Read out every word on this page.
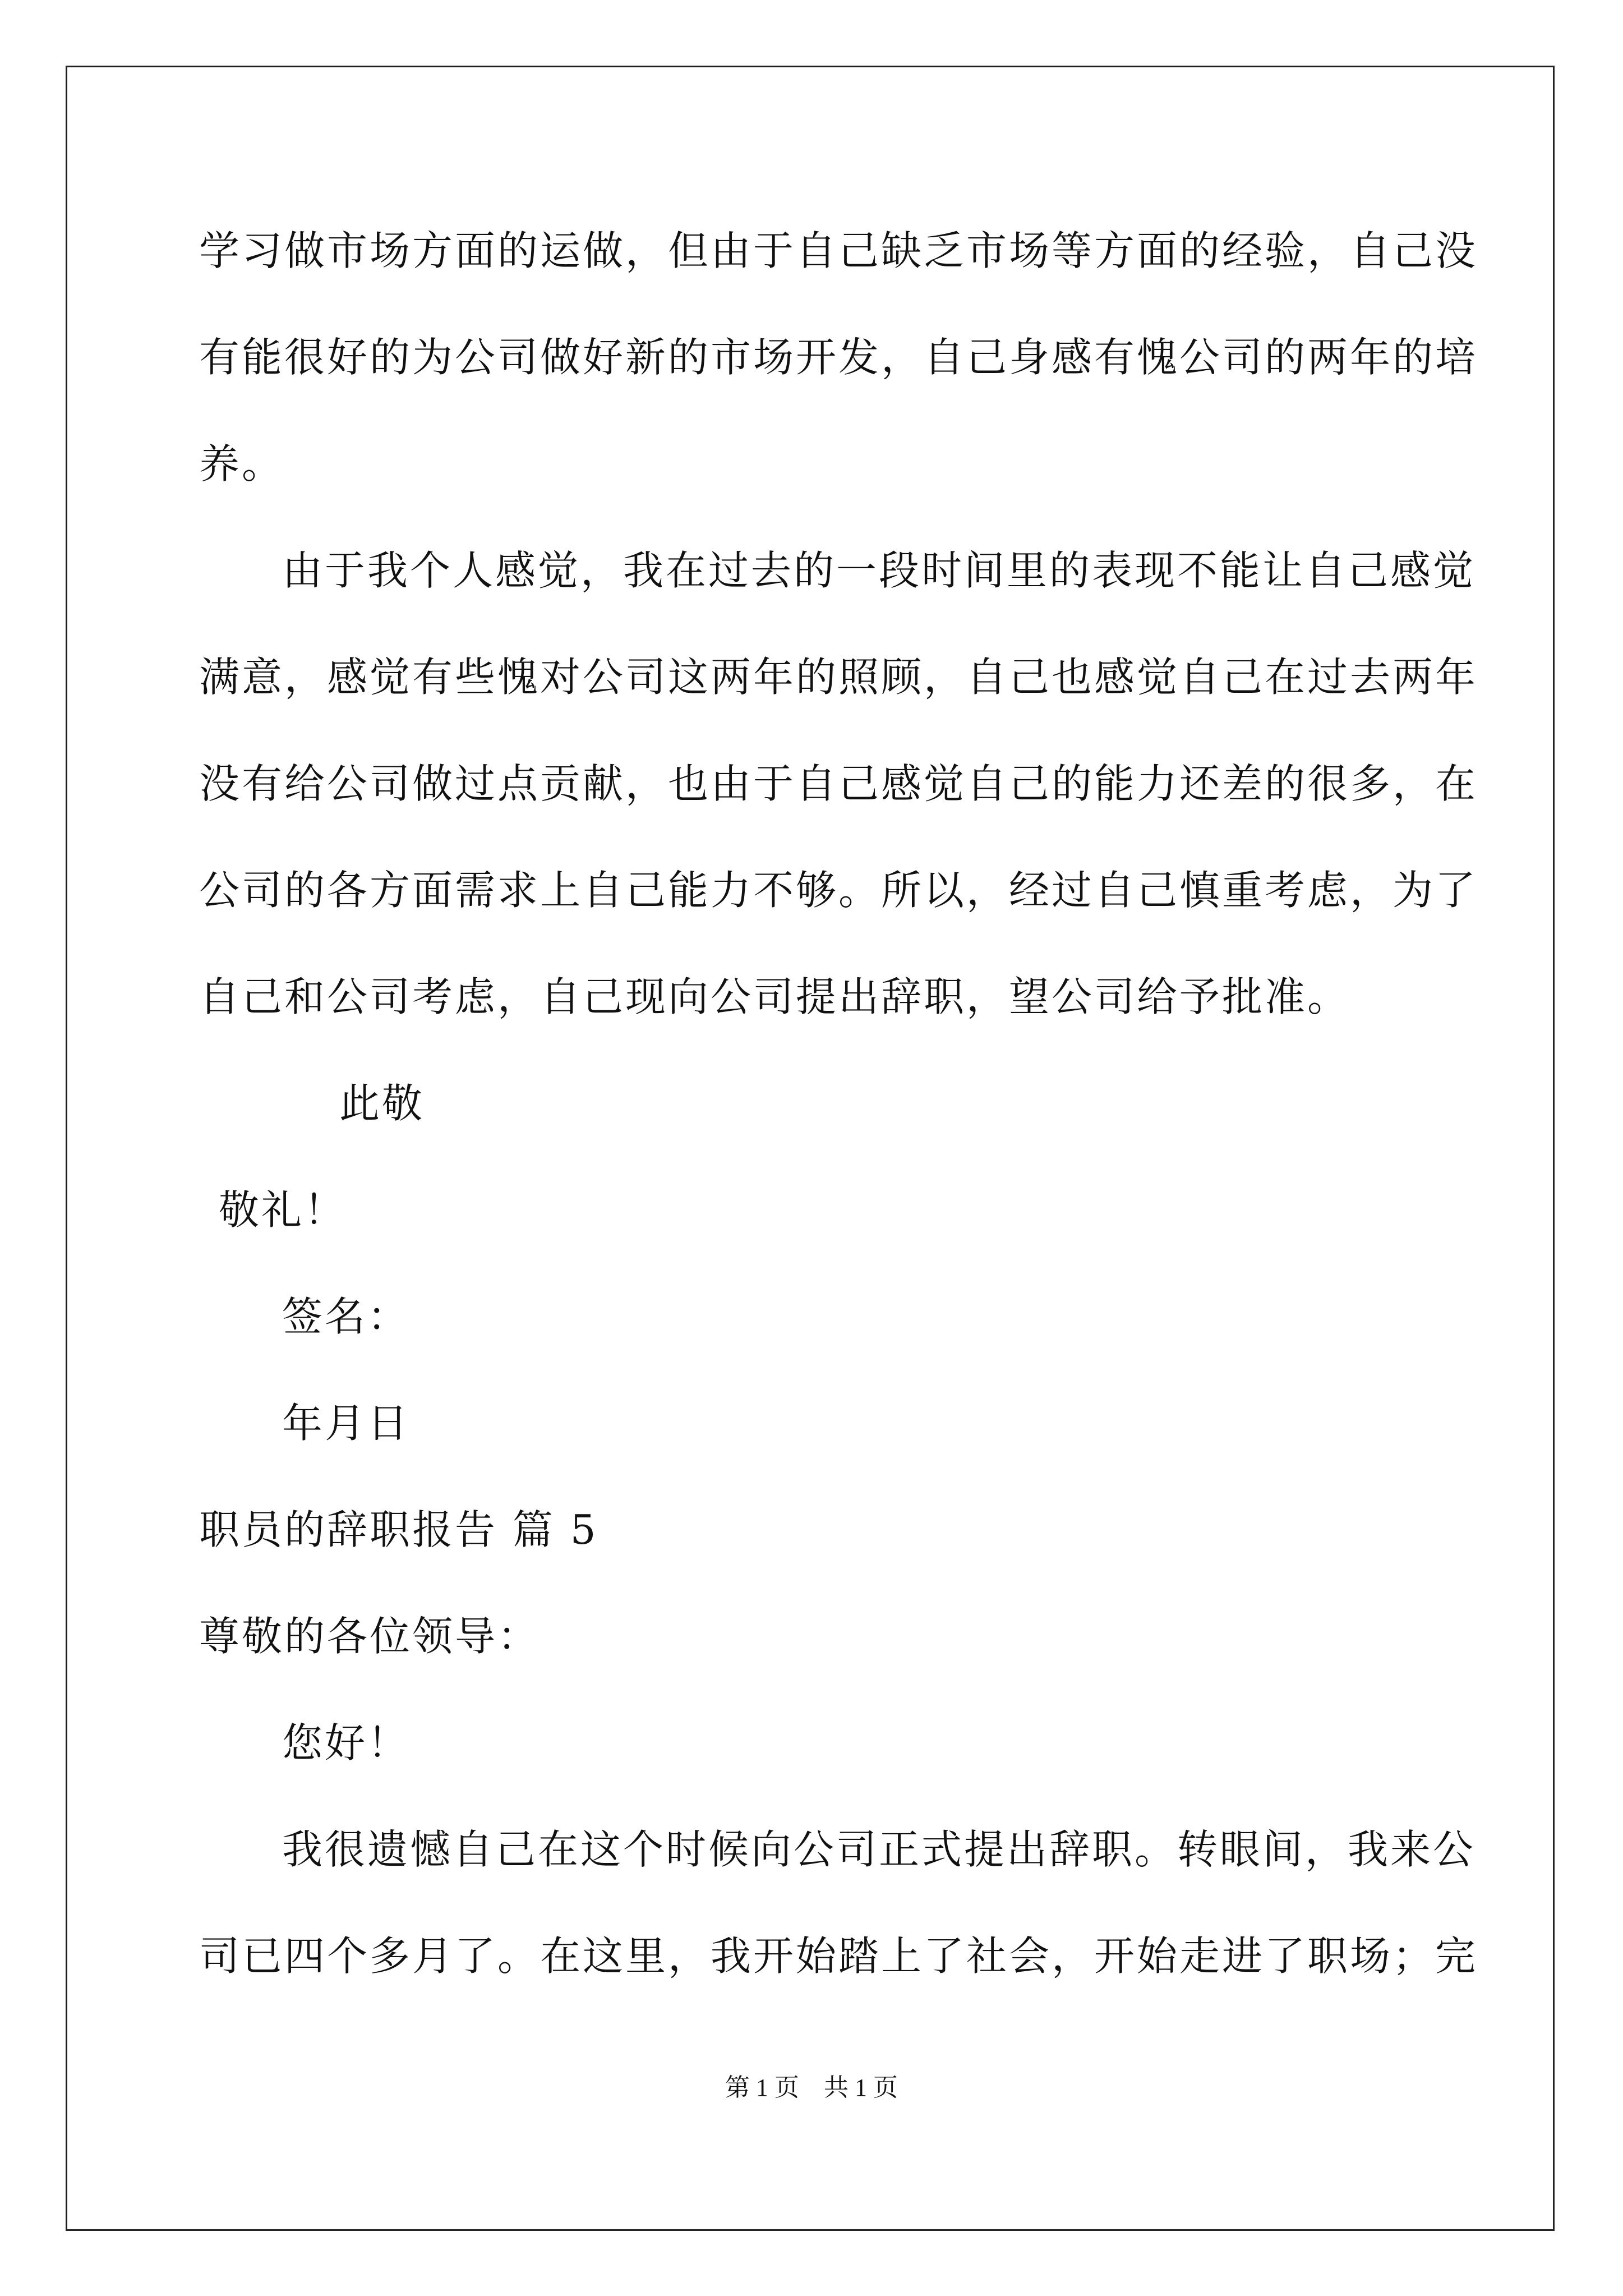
学习做市场方面的运做，但由于自己缺乏市场等方面的经验，自己没
有能很好的为公司做好新的市场开发，自己身感有愧公司的两年的培
养。
由于我个人感觉，我在过去的一段时间里的表现不能让自己感觉
满意，感觉有些愧对公司这两年的照顾，自己也感觉自己在过去两年
没有给公司做过点贡献，也由于自己感觉自己的能力还差的很多，在
公司的各方面需求上自己能力不够。所以，经过自己慎重考虑，为了
自己和公司考虑，自己现向公司提出辞职，望公司给予批准。
此敬
敬礼！
签名：
年月日
职员的辞职报告 篇 5
尊敬的各位领导：
您好！
我很遗憾自己在这个时候向公司正式提出辞职。转眼间，我来公
司已四个多月了。在这里，我开始踏上了社会，开始走进了职场；完
第 1 页　共 1 页
